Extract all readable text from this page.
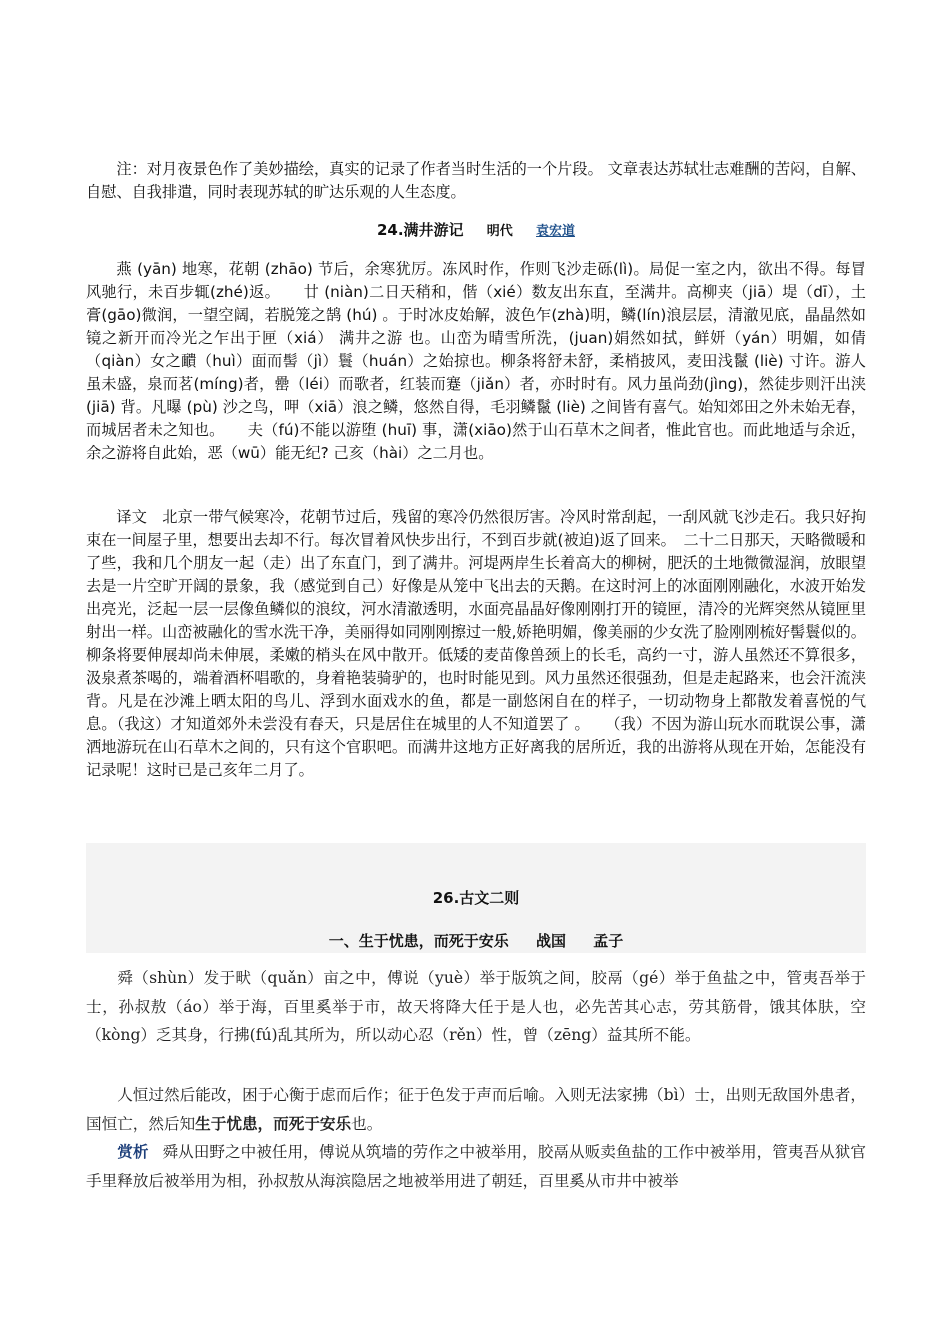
注：对月夜景色作了美妙描绘，真实的记录了作者当时生活的一个片段。 文章表达苏轼壮志难酬的苦闷，自解、自慰、自我排遣，同时表现苏轼的旷达乐观的人生态度。

24.满井游记 明代 袁宏道

燕 (yān) 地寒，花朝 (zhāo) 节后，余寒犹厉。冻风时作，作则飞沙走砾(lì)。局促一室之内，欲出不得。每冒风驰行，未百步辄(zhé)返。　　廿 (niàn)二日天稍和，偕（xié）数友出东直，至满井。高柳夹（jiā）堤（dī），土膏(gāo)微润，一望空阔，若脱笼之鹄 (hú) 。于时冰皮始解，波色乍(zhà)明，鳞(lín)浪层层，清澈见底，晶晶然如镜之新开而冷光之乍出于匣（xiá） 满井之游 也。山峦为晴雪所洗，(juan)娟然如拭，鲜妍（yán）明媚，如倩（qiàn）女之靧（huì）面而髻（jì）鬟（huán）之始掠也。柳条将舒未舒，柔梢披风，麦田浅鬣 (liè) 寸许。游人虽未盛，泉而茗(míng)者，罍（léi）而歌者，红装而蹇（jiǎn）者，亦时时有。风力虽尚劲(jìng)，然徒步则汗出浃 (jiā) 背。凡曝 (pù) 沙之鸟，呷（xiā）浪之鳞，悠然自得，毛羽鳞鬣 (liè) 之间皆有喜气。始知郊田之外未始无春，而城居者未之知也。　　夫（fú)不能以游堕 (huī) 事，潇(xiāo)然于山石草木之间者，惟此官也。而此地适与余近，余之游将自此始，恶（wū）能无纪? 己亥（hài）之二月也。

译文　北京一带气候寒冷，花朝节过后，残留的寒冷仍然很厉害。冷风时常刮起，一刮风就飞沙走石。我只好拘束在一间屋子里，想要出去却不行。每次冒着风快步出行，不到百步就(被迫)返了回来。　二十二日那天，天略微暖和了些，我和几个朋友一起（走）出了东直门，到了满井。河堤两岸生长着高大的柳树，肥沃的土地微微湿润，放眼望去是一片空旷开阔的景象，我（感觉到自己）好像是从笼中飞出去的天鹅。在这时河上的冰面刚刚融化，水波开始发出亮光，泛起一层一层像鱼鳞似的浪纹，河水清澈透明，水面亮晶晶好像刚刚打开的镜匣，清冷的光辉突然从镜匣里射出一样。山峦被融化的雪水洗干净，美丽得如同刚刚擦过一般,娇艳明媚，像美丽的少女洗了脸刚刚梳好髻鬟似的。柳条将要伸展却尚未伸展，柔嫩的梢头在风中散开。低矮的麦苗像兽颈上的长毛，高约一寸，游人虽然还不算很多，汲泉煮茶喝的，端着酒杯唱歌的，身着艳装骑驴的，也时时能见到。风力虽然还很强劲，但是走起路来，也会汗流浃背。凡是在沙滩上晒太阳的鸟儿、浮到水面戏水的鱼，都是一副悠闲自在的样子，一切动物身上都散发着喜悦的气息。（我这）才知道郊外未尝没有春天，只是居住在城里的人不知道罢了 。　　（我）不因为游山玩水而耽误公事，潇洒地游玩在山石草木之间的，只有这个官职吧。而满井这地方正好离我的居所近，我的出游将从现在开始，怎能没有记录呢！这时已是己亥年二月了。

26.古文二则
一、生于忧患，而死于安乐 战国 孟子

舜（shùn）发于畎（quǎn）亩之中，傅说（yuè）举于版筑之间，胶鬲（gé）举于鱼盐之中，管夷吾举于士，孙叔敖（áo）举于海，百里奚举于市，故天将降大任于是人也，必先苦其心志，劳其筋骨，饿其体肤，空（kòng）乏其身，行拂(fú)乱其所为，所以动心忍（rěn）性，曾（zēng）益其所不能。

人恒过然后能改，困于心衡于虑而后作；征于色发于声而后喻。入则无法家拂（bì）士，出则无敌国外患者，国恒亡，然后知生于忧患，而死于安乐也。

赏析 舜从田野之中被任用，傅说从筑墙的劳作之中被举用，胶鬲从贩卖鱼盐的工作中被举用，管夷吾从狱官手里释放后被举用为相，孙叔敖从海滨隐居之地被举用进了朝廷，百里奚从市井中被举
